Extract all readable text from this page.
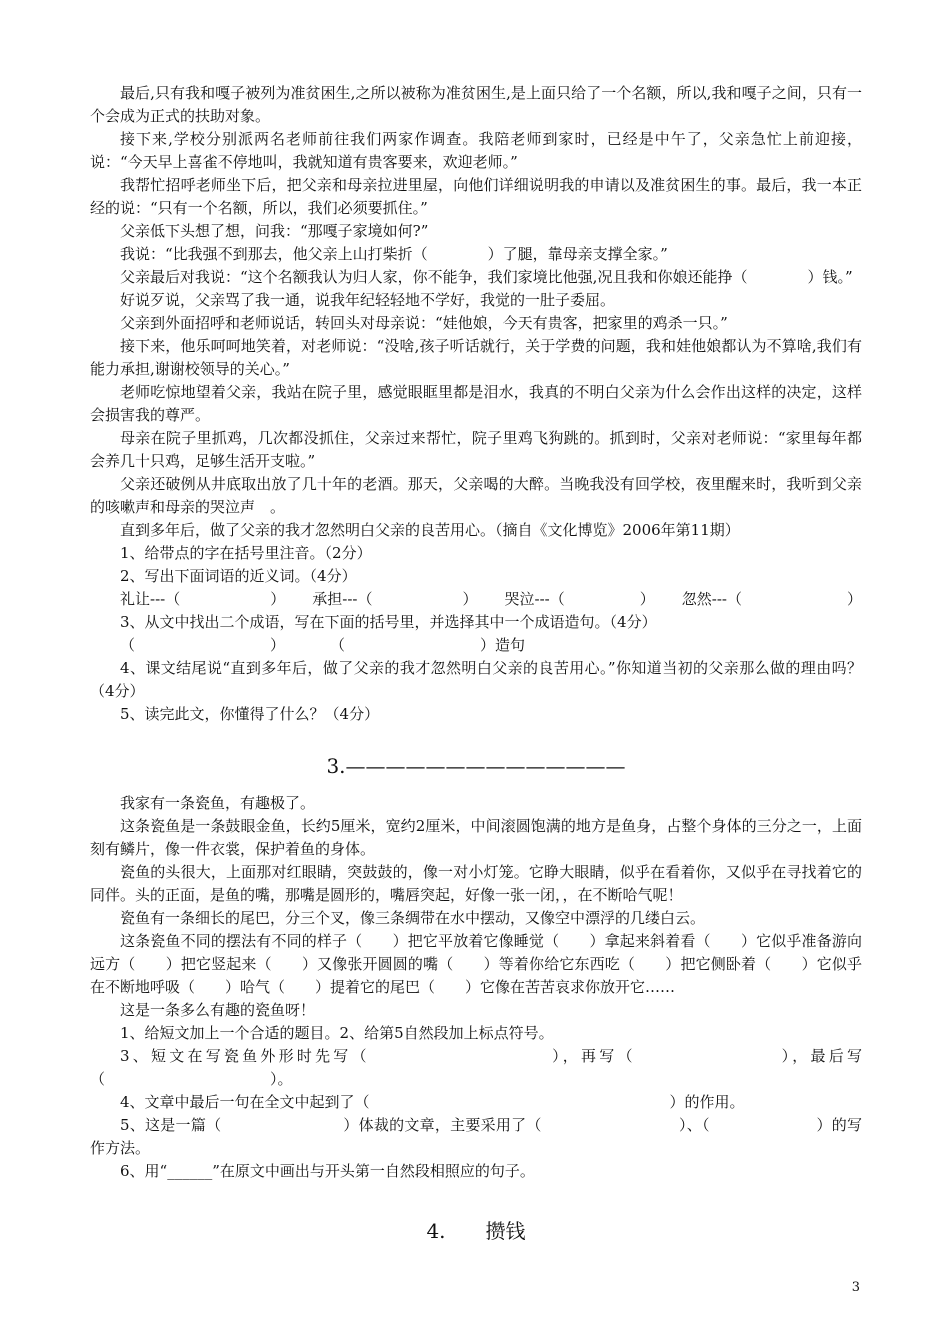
最后,只有我和嘎子被列为准贫困生,之所以被称为准贫困生,是上面只给了一个名额，所以,我和嘎子之间，只有一个会成为正式的扶助对象。

接下来,学校分别派两名老师前往我们两家作调查。我陪老师到家时，已经是中午了，父亲急忙上前迎接，说：“今天早上喜雀不停地叫，我就知道有贵客要来，欢迎老师。”

我帮忙招呼老师坐下后，把父亲和母亲拉进里屋，向他们详细说明我的申请以及准贫困生的事。最后，我一本正经的说：“只有一个名额，所以，我们必须要抓住。”

父亲低下头想了想，问我：“那嘎子家境如何?”

我说：“比我强不到那去，他父亲上山打柴折（　　　　）了腿，靠母亲支撑全家。”

父亲最后对我说：“这个名额我认为归人家，你不能争，我们家境比他强,况且我和你娘还能挣（　　　　）钱。”

好说歹说，父亲骂了我一通，说我年纪轻轻地不学好，我觉的一肚子委屈。

父亲到外面招呼和老师说话，转回头对母亲说：“娃他娘，今天有贵客，把家里的鸡杀一只。”

接下来，他乐呵呵地笑着，对老师说：“没啥,孩子听话就行，关于学费的问题，我和娃他娘都认为不算啥,我们有能力承担,谢谢校领导的关心。”

老师吃惊地望着父亲，我站在院子里，感觉眼眶里都是泪水，我真的不明白父亲为什么会作出这样的决定，这样会损害我的尊严。

母亲在院子里抓鸡，几次都没抓住，父亲过来帮忙，院子里鸡飞狗跳的。抓到时，父亲对老师说：“家里每年都会养几十只鸡，足够生活开支啦。”

父亲还破例从井底取出放了几十年的老酒。那天，父亲喝的大醉。当晚我没有回学校，夜里醒来时，我听到父亲的咳嗽声和母亲的哭泣声　。

直到多年后，做了父亲的我才忽然明白父亲的良苦用心。（摘自《文化博览》2006年第11期）

1、给带点的字在括号里注音。（2分）

2、写出下面词语的近义词。（4分）

礼让---（　　　　　　） 承担---（　　　　　　） 哭泣---（　　　　　） 忽然---（　　　　　　　）

3、从文中找出二个成语，写在下面的括号里，并选择其中一个成语造句。（4分）

（　　　　　　　　　）　　　　（　　　　　　　　　）造句

4、课文结尾说“直到多年后，做了父亲的我才忽然明白父亲的良苦用心。”你知道当初的父亲那么做的理由吗？（4分）

5、读完此文，你懂得了什么？（4分）

3.——————————————

我家有一条瓷鱼，有趣极了。

这条瓷鱼是一条鼓眼金鱼，长约5厘米，宽约2厘米，中间滚圆饱满的地方是鱼身，占整个身体的三分之一，上面刻有鳞片，像一件衣裳，保护着鱼的身体。

瓷鱼的头很大，上面那对红眼睛，突鼓鼓的，像一对小灯笼。它睁大眼睛，似乎在看着你，又似乎在寻找着它的同伴。头的正面，是鱼的嘴，那嘴是圆形的，嘴唇突起，好像一张一闭，，在不断哈气呢！

瓷鱼有一条细长的尾巴，分三个叉，像三条绸带在水中摆动，又像空中漂浮的几缕白云。

这条瓷鱼不同的摆法有不同的样子（　　）把它平放着它像睡觉（　　）拿起来斜着看（　　）它似乎准备游向远方（　　）把它竖起来（　　）又像张开圆圆的嘴（　　）等着你给它东西吃（　　）把它侧卧着（　　）它似乎在不断地呼吸（　　）哈气（　　）提着它的尾巴（　　）它像在苦苦哀求你放开它……

这是一条多么有趣的瓷鱼呀！

1、给短文加上一个合适的题目。2、给第5自然段加上标点符号。

3、短文在写瓷鱼外形时先写（　　　　　　　　　　），再写（　　　　　　　　），最后写（　　　　　　　　　　　）。

4、文章中最后一句在全文中起到了（　　　　　　　　　　　　　　　　　　　　）的作用。

5、这是一篇（　　　　　　　　）体裁的文章，主要采用了（　　　　　　　　　）、（　　　　　　　）的写作方法。

6、用“______”在原文中画出与开头第一自然段相照应的句子。

4. 攒钱
3
